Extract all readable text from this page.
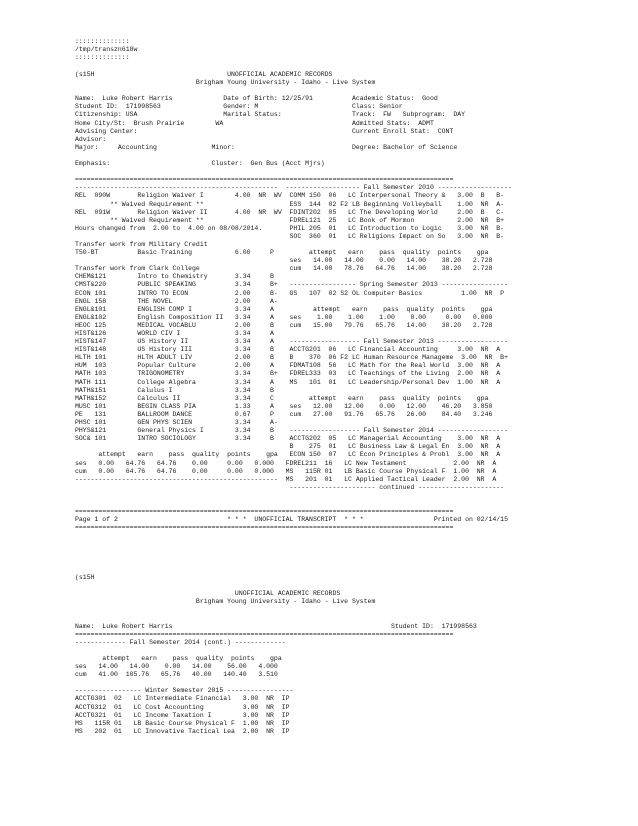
::::::::::::::
/tmp/transzn618w
::::::::::::::
(s15H                                  UNOFFICIAL ACADEMIC RECORDS
Brigham Young University - Idaho - Live System

Name:  Luke Robert Harris             Date of Birth: 12/25/91          Academic Status:  Good
Student ID:  171998563                Gender: M                        Class: Senior
Citizenship: USA                      Marital Status:                  Track:  FW   Subprogram:  DAY
Home City/St:  Brush Prairie        WA                                 Admitted Stats:  ADMT
Advising Center:                                                       Current Enroll Stat:  CONT
Advisor:
Major:     Accounting              Minor:                              Degree: Bachelor of Science

Emphasis:                          Cluster:  Gen Bus (Acct Mjrs)

=================================================================================================
----------------------------------------------------  ------------------- Fall Semester 2010 -------------------
REL  090W       Religion Waiver I        4.00  NR  WV  COMM 150  06   LC Interpersonal Theory &   3.00  B   B-
** Waived Requirement **                      ESS  144  02 F2 LB Beginning Volleyball    1.00  NR  A-
REL  091W       Religion Waiver II       4.00  NR  WV  FDINT202  05   LC The Developing World     2.00  B   C-
** Waived Requirement **                      FDREL121  25   LC Book of Mormon           2.00  NR  B+
Hours changed from  2.00 to  4.00 on 08/08/2014.       PHIL 205  01   LC Introduction to Logic    3.00  NR  B-
SOC  360  01   LC Religions Impact on So   3.00  NR  B-
Transfer work from Military Credit
T50-BT          Basic Training           6.00     P         attempt   earn    pass  quality  points    gpa
ses   14.00   14.00    0.00   14.00    38.20   2.728
Transfer work from Clark College                       cum   14.00   78.76   64.76   14.00    38.20   2.728
CHEM&121        Intro to Chemistry       3.34     B
CMST&220        PUBLIC SPEAKING          3.34     B+   ----------------- Spring Semester 2013 -----------------
ECON 101        INTRO TO ECON            2.00     B-   GS   107  02 S2 OL Computer Basics          1.00  NR  P
ENGL 158        THE NOVEL                2.00     A-
ENGL&101        ENGLISH COMP I           3.34     A          attempt   earn    pass  quality  points    gpa
ENGL&102        English Composition II   3.34     A    ses    1.00    1.00    1.00    0.00     0.00   0.000
HEOC 125        MEDICAL VOCABLU          2.00     B    cum   15.00   79.76   65.76   14.00    38.20   2.728
HIST&126        WORLD CIV I              3.34     A
HIST&147        US History II            3.34     A    ------------------ Fall Semester 2013 ------------------
HIST&148        US History III           3.34     B    ACCTG201  06   LC Financial Accounting     3.00  NR  A
HLTH 101        HLTH ADULT LIV           2.00     B    B    370  06 F2 LC Human Resource Manageme  3.00  NR  B+
HUM  103        Popular Culture          2.00     A    FDMAT108  56   LC Math for the Real World  3.00  NR  A
MATH 103        TRIGONOMETRY             3.34     B+   FDREL333  03   LC Teachings of the Living  2.00  NR  A
MATH 111        College Algebra          3.34     A    MS   101  01   LC Leadership/Personal Dev  1.00  NR  A
MATH&151        Calulus I                3.34     B
MATH&152        Calculus II              3.34     C         attempt   earn    pass  quality  points    gpa
MUSC 101        BEGIN CLASS PIA          1.33     A    ses   12.00   12.00    0.00   12.00    46.20   3.850
PE   131        BALLROOM DANCE           0.67     P    cum   27.00   91.76   65.76   26.00    84.40   3.246
PHSC 101        GEN PHYS SCIEN           3.34     A-
PHYS&121        General Physics I        3.34     B    ------------------ Fall Semester 2014 ------------------
SOC& 101        INTRO SOCIOLOGY          3.34     B    ACCTG202  05   LC Managerial Accounting    3.00  NR  A
B    275  01   LC Business Law & Legal En  3.00  NR  A
attempt   earn    pass  quality  points    gpa   ECON 150  07   LC Econ Principles & Probl  3.00  NR  A
ses   0.00   64.76   64.76    0.00     0.00   0.000   FDREL211  16   LC New Testament            2.00  NR  A
cum   0.00   64.76   64.76    0.00     0.00   0.000   MS   115R 01   LB Basic Course Physical F  1.00  NR  A
----------------------------------------------------  MS   201  01   LC Applied Tactical Leader  2.00  NR  A
---------------------- continued ----------------------

=================================================================================================
Page 1 of 2                            * * *  UNOFFICIAL TRANSCRIPT  * * *                  Printed on 02/14/15
=================================================================================================
(s15H

UNOFFICIAL ACADEMIC RECORDS
Brigham Young University - Idaho - Live System

Name:  Luke Robert Harris                                                        Student ID:  171998563
=================================================================================================
------------- Fall Semester 2014 (cont.) -------------

attempt   earn    pass  quality  points    gpa
ses   14.00   14.00    0.00   14.00    56.00   4.000
cum   41.00  105.76   65.76   40.00   140.40   3.510

----------------- Winter Semester 2015 -----------------
ACCTG301  02   LC Intermediate Financial   3.00  NR  IP
ACCTG312  01   LC Cost Accounting          3.00  NR  IP
ACCTG321  01   LC Income Taxation I        3.00  NR  IP
MS   115R 01   LB Basic Course Physical F  1.00  NR  IP
MS   202  01   LC Innovative Tactical Lea  2.00  NR  IP
